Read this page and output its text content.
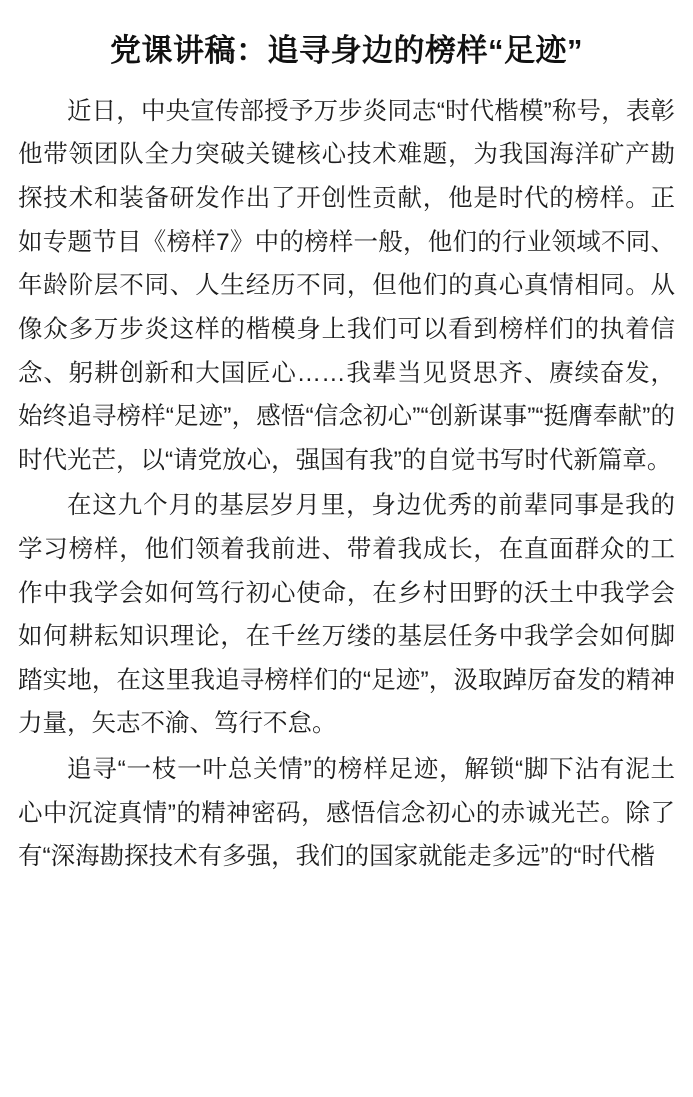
党课讲稿：追寻身边的榜样“足迹”

近日，中央宣传部授予万步炎同志“时代楷模”称号，表彰他带领团队全力突破关键核心技术难题，为我国海洋矿产勘探技术和装备研发作出了开创性贡献，他是时代的榜样。正如专题节目《榜样7》中的榜样一般，他们的行业领域不同、年龄阶层不同、人生经历不同，但他们的真心真情相同。从像众多万步炎这样的楷模身上我们可以看到榜样们的执着信念、躬耕创新和大国匠心……我辈当见贤思齐、赓续奋发，始终追寻榜样“足迹”，感悟“信念初心”“创新谋事”“挺膺奉献”的时代光芒，以“请党放心，强国有我”的自觉书写时代新篇章。

在这九个月的基层岁月里，身边优秀的前辈同事是我的学习榜样，他们领着我前进、带着我成长，在直面群众的工作中我学会如何笃行初心使命，在乡村田野的沃土中我学会如何耕耘知识理论，在千丝万缕的基层任务中我学会如何脚踏实地，在这里我追寻榜样们的“足迹”，汲取踔厉奋发的精神力量，矢志不渝、笃行不怠。

追寻“一枝一叶总关情”的榜样足迹，解锁“脚下沾有泥土心中沉淀真情”的精神密码，感悟信念初心的赤诚光芒。除了有“深海勘探技术有多强，我们的国家就能走多远”的“时代楷
